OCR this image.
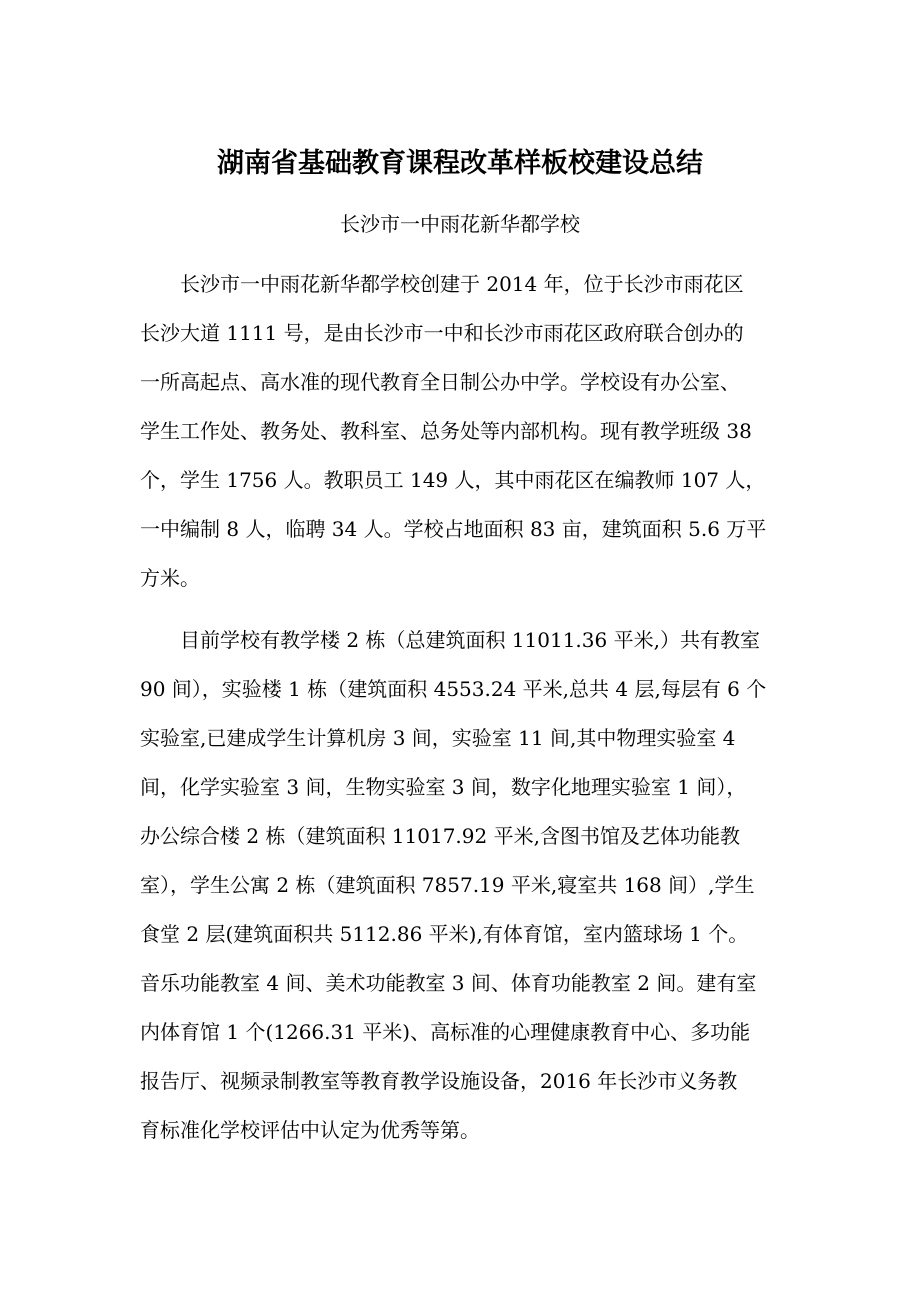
湖南省基础教育课程改革样板校建设总结
长沙市一中雨花新华都学校
　　长沙市一中雨花新华都学校创建于 2014 年，位于长沙市雨花区
长沙大道 1111 号，是由长沙市一中和长沙市雨花区政府联合创办的
一所高起点、高水准的现代教育全日制公办中学。学校设有办公室、
学生工作处、教务处、教科室、总务处等内部机构。现有教学班级 38
个，学生 1756 人。教职员工 149 人，其中雨花区在编教师 107 人，
一中编制 8 人，临聘 34 人。学校占地面积 83 亩，建筑面积 5.6 万平
方米。
　　目前学校有教学楼 2 栋（总建筑面积 11011.36 平米,）共有教室
90 间），实验楼 1 栋（建筑面积 4553.24 平米,总共 4 层,每层有 6 个
实验室,已建成学生计算机房 3 间，实验室 11 间,其中物理实验室 4
间，化学实验室 3 间，生物实验室 3 间，数字化地理实验室 1 间），
办公综合楼 2 栋（建筑面积 11017.92 平米,含图书馆及艺体功能教
室），学生公寓 2 栋（建筑面积 7857.19 平米,寝室共 168 间）,学生
食堂 2 层(建筑面积共 5112.86 平米),有体育馆，室内篮球场 1 个。
音乐功能教室 4 间、美术功能教室 3 间、体育功能教室 2 间。建有室
内体育馆 1 个(1266.31 平米)、高标准的心理健康教育中心、多功能
报告厅、视频录制教室等教育教学设施设备，2016 年长沙市义务教
育标准化学校评估中认定为优秀等第。
